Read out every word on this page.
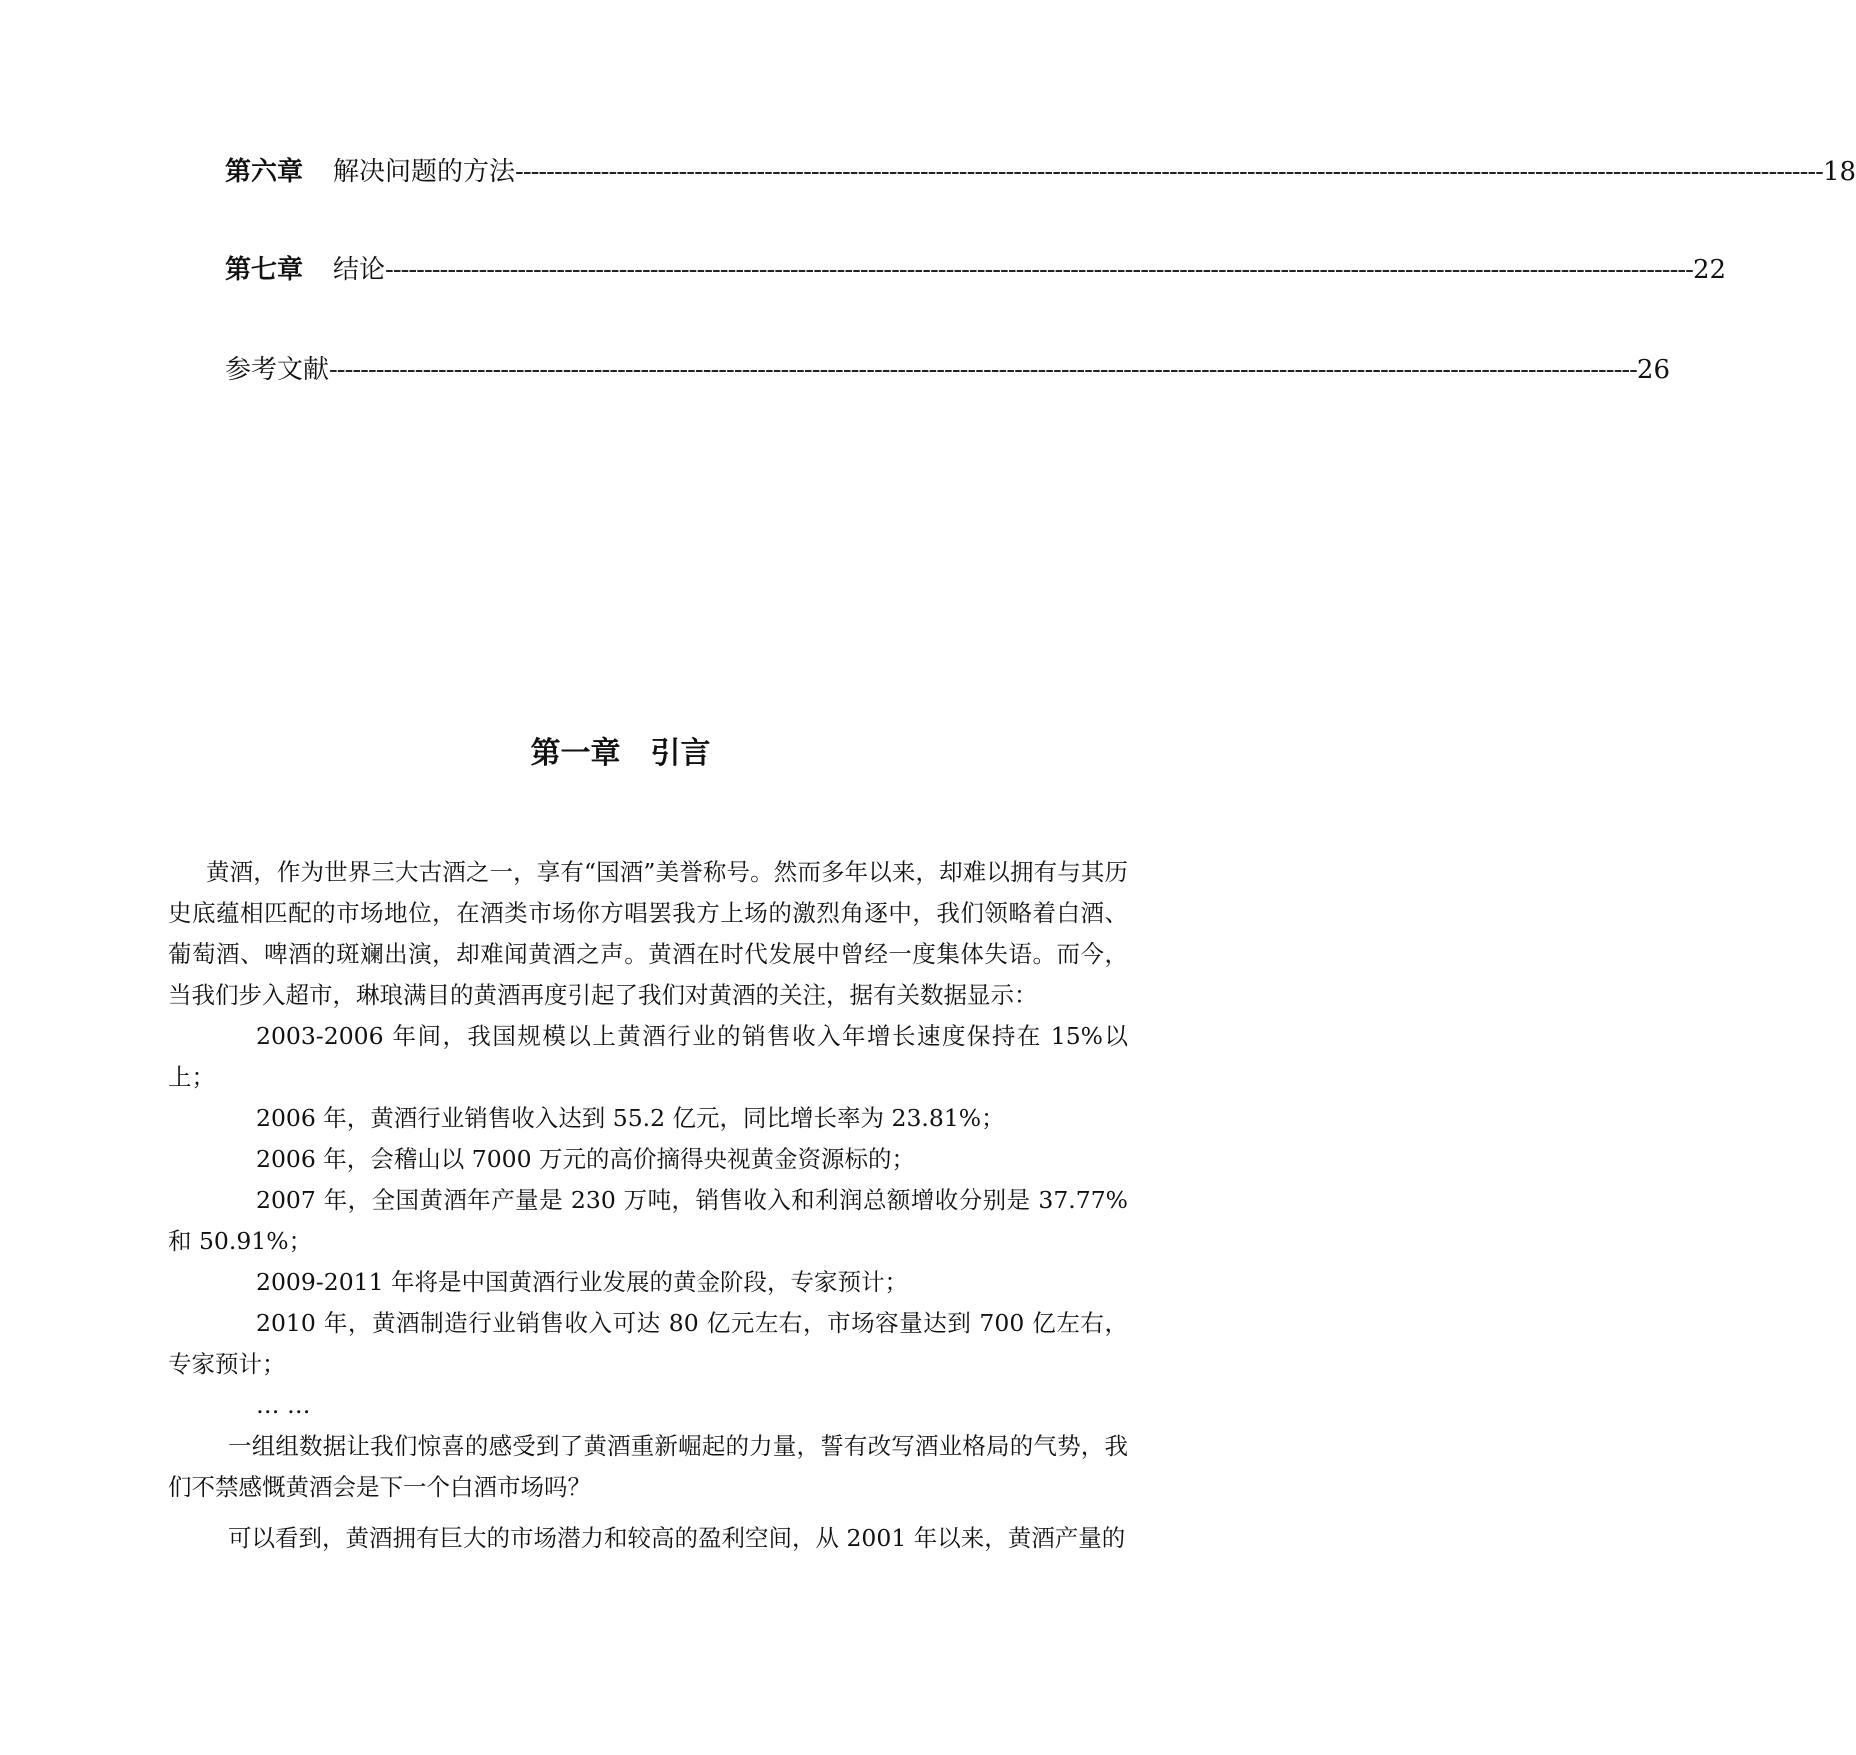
第六章 解决问题的方法 ------------------------------------------------------------------------------------------------------------------------------------------------------------------------ 18
第七章 结论 ------------------------------------------------------------------------------------------------------------------------------------------------------------------------ 22
参考文献 ------------------------------------------------------------------------------------------------------------------------------------------------------------------------ 26
第一章　引言

黄酒，作为世界三大古酒之一，享有“国酒”美誉称号。然而多年以来，却难以拥有与其历史底蕴相匹配的市场地位，在酒类市场你方唱罢我方上场的激烈角逐中，我们领略着白酒、葡萄酒、啤酒的斑斓出演，却难闻黄酒之声。黄酒在时代发展中曾经一度集体失语。而今，当我们步入超市，琳琅满目的黄酒再度引起了我们对黄酒的关注，据有关数据显示：

2003-2006 年间，我国规模以上黄酒行业的销售收入年增长速度保持在 15%以上；

2006 年，黄酒行业销售收入达到 55.2 亿元，同比增长率为 23.81%；

2006 年，会稽山以 7000 万元的高价摘得央视黄金资源标的；

2007 年，全国黄酒年产量是 230 万吨，销售收入和利润总额增收分别是 37.77%和 50.91%；

2009-2011 年将是中国黄酒行业发展的黄金阶段，专家预计；

2010 年，黄酒制造行业销售收入可达 80 亿元左右，市场容量达到 700 亿左右，专家预计；

… …

一组组数据让我们惊喜的感受到了黄酒重新崛起的力量，誓有改写酒业格局的气势，我们不禁感慨黄酒会是下一个白酒市场吗？

可以看到，黄酒拥有巨大的市场潜力和较高的盈利空间，从 2001 年以来，黄酒产量的
